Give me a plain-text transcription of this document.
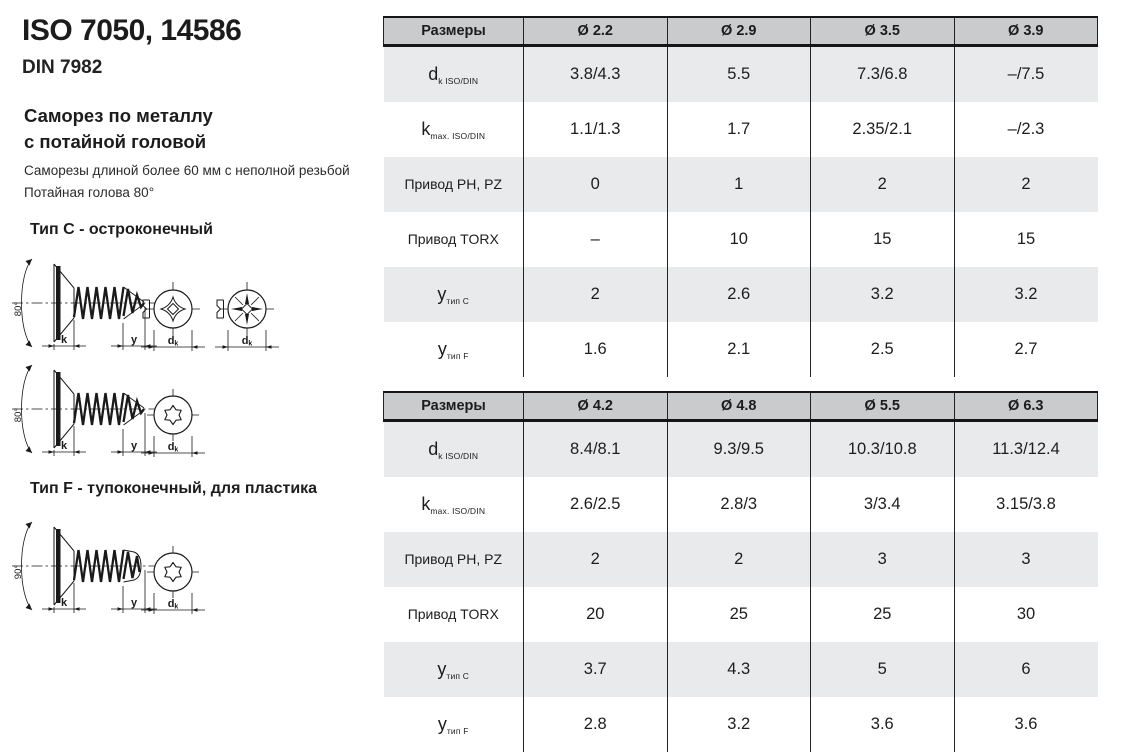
ISO 7050, 14586
DIN 7982
Саморез по металлу
с потайной головой
Саморезы длиной более 60 мм с неполной резьбой
Потайная голова 80°
Тип C - остроконечный
Тип F - тупоконечный, для пластика
k	y
k
80°
80°
90°
Размеры	Ø 2.2	Ø 2.9	Ø 3.5	Ø 3.9
$d_{k ISO/DIN}$	3.8/4.3	5.5	7.3/6.8	–/7.5
$k_{max. ISO/DIN}$	1.1/1.3	1.7	2.35/2.1	–/2.3
Привод PH, PZ	0	1	2	2
Привод TORX	–	10	15	15
$y_{тип C}$	2	2.6	3.2	3.2
$y_{тип F}$	1.6	2.1	2.5	2.7
Размеры	Ø 4.2	Ø 4.8	Ø 5.5	Ø 6.3
$d_{k ISO/DIN}$	8.4/8.1	9.3/9.5	10.3/10.8	11.3/12.4
$k_{max. ISO/DIN}$	2.6/2.5	2.8/3	3/3.4	3.15/3.8
Привод PH, PZ	2	2	3	3
Привод TORX	20	25	25	30
$y_{тип C}$	3.7	4.3	5	6
$y_{тип F}$	2.8	3.2	3.6	3.6
